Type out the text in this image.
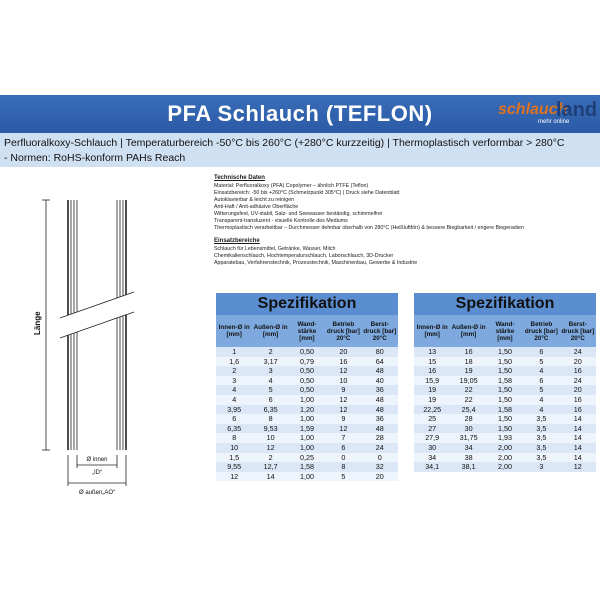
PFA Schlauch (TEFLON)	schlauch
land
mehr online
Perfluoralkoxy-Schlauch | Temperaturbereich -50°C bis 260°C (+280°C kurzzeitig) | Thermoplastisch verformbar > 280°C
- Normen: RoHS-konform PAHs Reach
Länge
Ø innen
„ID“
Ø außen„AO“
Technische Daten
Material: Perfluoralkoxy (PFA) Copolymer – ähnlich PTFE (Teflon)
Einsatzbereich: -50 bis +260°C (Schmelzpunkt 305°C) | Druck siehe Datenblatt
Autoklavierbar & leicht zu reinigen
Anti-Haft / Anti-adhäsive Oberfläche
Witterungsfest, UV-stabil, Salz- und Seewasser beständig, schimmelfrei
Transparent-transluzent - visuelle Kontrolle des Mediums
Thermoplastisch verarbeitbar – Durchmesser dehnbar oberhalb von 280°C (Heißluftfön) & bessere Biegbarkeit / engere Biegeradien
Einsatzbereiche
Schlauch für Lebensmittel, Getränke, Wasser, Milch
Chemikalienschlauch, Hochtemperaturschlauch, Laborschlauch, 3D-Drucker
Apparatebau, Verfahrenstechnik, Prozesstechnik, Maschinenbau, Gewerbe & Industrie
Spezifikation
Innen-Ø in [mm]	Außen-Ø in [mm]	Wand-stärke [mm]	Betrieb druck [bar] 20°C	Berst-druck [bar] 20°C
1	2	0,50	20	80
1,6	3,17	0,79	16	64
2	3	0,50	12	48
3	4	0,50	10	40
4	5	0,50	9	36
4	6	1,00	12	48
3,95	6,35	1,20	12	48
6	8	1,00	9	36
6,35	9,53	1,59	12	48
8	10	1,00	7	28
10	12	1,00	6	24
1,5	2	0,25	0	0
9,55	12,7	1,58	8	32
12	14	1,00	5	20
Spezifikation
Innen-Ø in [mm]	Außen-Ø in [mm]	Wand-stärke [mm]	Betrieb druck [bar] 20°C	Berst-druck [bar] 20°C
13	16	1,50	6	24
15	18	1,50	5	20
16	19	1,50	4	16
15,9	19,05	1,58	6	24
19	22	1,50	5	20
19	22	1,50	4	16
22,25	25,4	1,58	4	16
25	28	1,50	3,5	14
27	30	1,50	3,5	14
27,9	31,75	1,93	3,5	14
30	34	2,00	3,5	14
34	38	2,00	3,5	14
34,1	38,1	2,00	3	12
